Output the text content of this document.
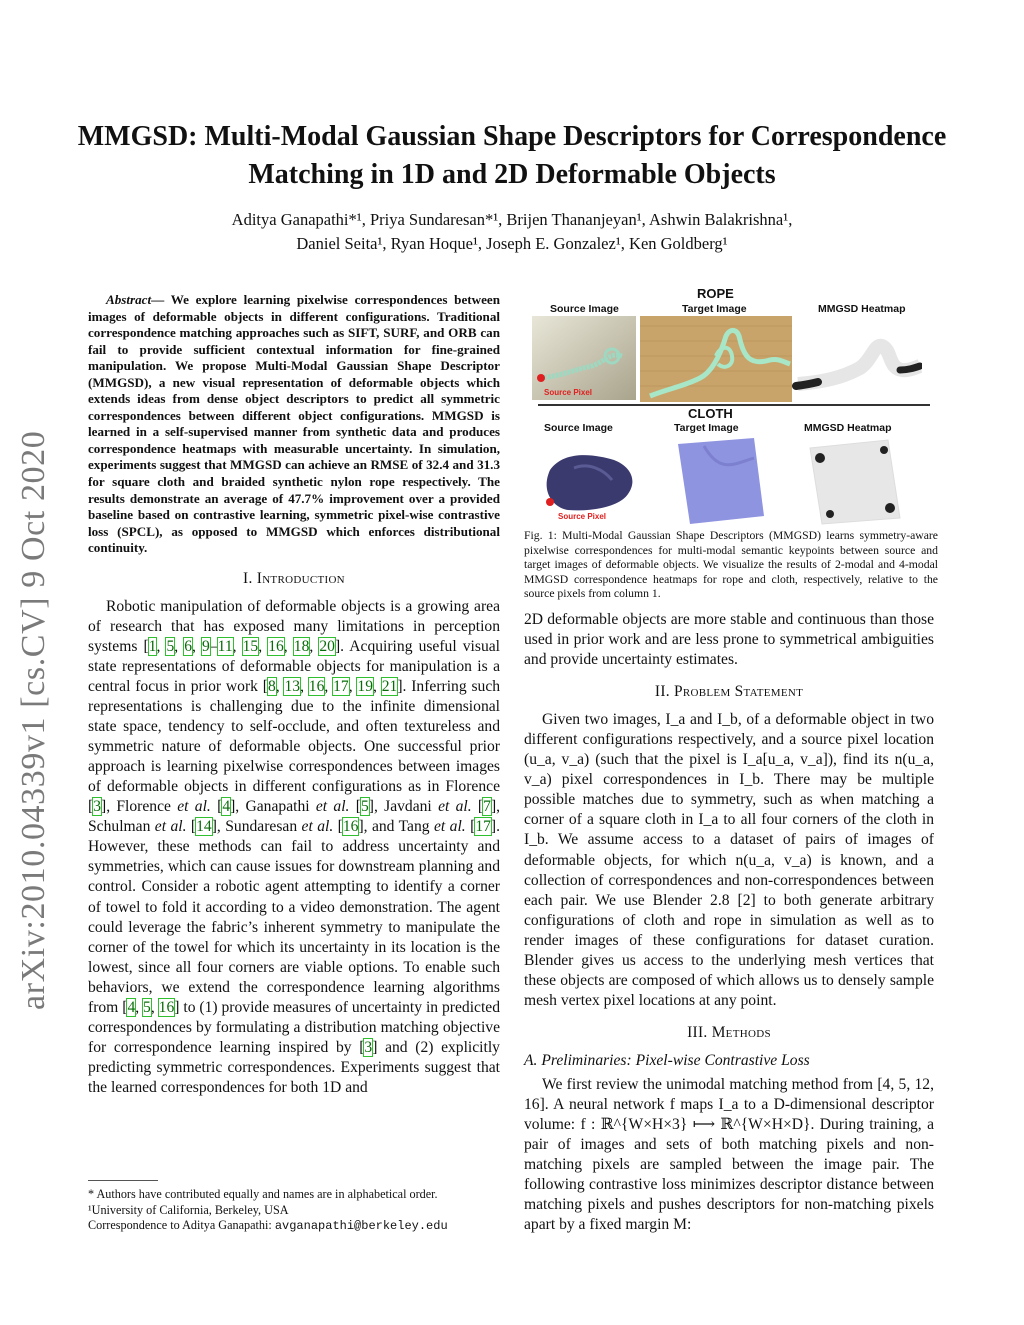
arXiv:2010.04339v1 [cs.CV] 9 Oct 2020
MMGSD: Multi-Modal Gaussian Shape Descriptors for Correspondence Matching in 1D and 2D Deformable Objects
Aditya Ganapathi*¹, Priya Sundaresan*¹, Brijen Thananjeyan¹, Ashwin Balakrishna¹,
Daniel Seita¹, Ryan Hoque¹, Joseph E. Gonzalez¹, Ken Goldberg¹
Abstract— We explore learning pixelwise correspondences between images of deformable objects in different configurations. Traditional correspondence matching approaches such as SIFT, SURF, and ORB can fail to provide sufficient contextual information for fine-grained manipulation. We propose Multi-Modal Gaussian Shape Descriptor (MMGSD), a new visual representation of deformable objects which extends ideas from dense object descriptors to predict all symmetric correspondences between different object configurations. MMGSD is learned in a self-supervised manner from synthetic data and produces correspondence heatmaps with measurable uncertainty. In simulation, experiments suggest that MMGSD can achieve an RMSE of 32.4 and 31.3 for square cloth and braided synthetic nylon rope respectively. The results demonstrate an average of 47.7% improvement over a provided baseline based on contrastive learning, symmetric pixel-wise contrastive loss (SPCL), as opposed to MMGSD which enforces distributional continuity.
I. Introduction

Robotic manipulation of deformable objects is a growing area of research that has exposed many limitations in perception systems [1, 5, 6, 9–11, 15, 16, 18, 20]. Acquiring useful visual state representations of deformable objects for manipulation is a central focus in prior work [8, 13, 16, 17, 19, 21]. Inferring such representations is challenging due to the infinite dimensional state space, tendency to self-occlude, and often textureless and symmetric nature of deformable objects. One successful prior approach is learning pixelwise correspondences between images of deformable objects in different configurations as in Florence [3], Florence et al. [4], Ganapathi et al. [5], Javdani et al. [7], Schulman et al. [14], Sundaresan et al. [16], and Tang et al. [17]. However, these methods can fail to address uncertainty and symmetries, which can cause issues for downstream planning and control. Consider a robotic agent attempting to identify a corner of towel to fold it according to a video demonstration. The agent could leverage the fabric’s inherent symmetry to manipulate the corner of the towel for which its uncertainty in its location is the lowest, since all four corners are viable options. To enable such behaviors, we extend the correspondence learning algorithms from [4, 5, 16] to (1) provide measures of uncertainty in predicted correspondences by formulating a distribution matching objective for correspondence learning inspired by [3] and (2) explicitly predicting symmetric correspondences. Experiments suggest that the learned correspondences for both 1D and

* Authors have contributed equally and names are in alphabetical order.
¹University of California, Berkeley, USA
Correspondence to Aditya Ganapathi: avganapathi@berkeley.edu
ROPE
Source Image	Target Image	MMGSD Heatmap
Source Pixel
CLOTH
Source Image	Target Image	MMGSD Heatmap
Source Pixel
Fig. 1: Multi-Modal Gaussian Shape Descriptors (MMGSD) learns symmetry-aware pixelwise correspondences for multi-modal semantic keypoints between source and target images of deformable objects. We visualize the results of 2-modal and 4-modal MMGSD correspondence heatmaps for rope and cloth, respectively, relative to the source pixels from column 1.

2D deformable objects are more stable and continuous than those used in prior work and are less prone to symmetrical ambiguities and provide uncertainty estimates.

II. Problem Statement

Given two images, I_a and I_b, of a deformable object in two different configurations respectively, and a source pixel location (u_a, v_a) (such that the pixel is I_a[u_a, v_a]), find its n(u_a, v_a) pixel correspondences in I_b. There may be multiple possible matches due to symmetry, such as when matching a corner of a square cloth in I_a to all four corners of the cloth in I_b. We assume access to a dataset of pairs of images of deformable objects, for which n(u_a, v_a) is known, and a collection of correspondences and non-correspondences between each pair. We use Blender 2.8 [2] to both generate arbitrary configurations of cloth and rope in simulation as well as to render images of these configurations for dataset curation. Blender gives us access to the underlying mesh vertices that these objects are composed of which allows us to densely sample mesh vertex pixel locations at any point.

III. Methods
A. Preliminaries: Pixel-wise Contrastive Loss

We first review the unimodal matching method from [4, 5, 12, 16]. A neural network f maps I_a to a D-dimensional descriptor volume: f : ℝ^{W×H×3} ⟼ ℝ^{W×H×D}. During training, a pair of images and sets of both matching pixels and non-matching pixels are sampled between the image pair. The following contrastive loss minimizes descriptor distance between matching pixels and pushes descriptors for non-matching pixels apart by a fixed margin M:
